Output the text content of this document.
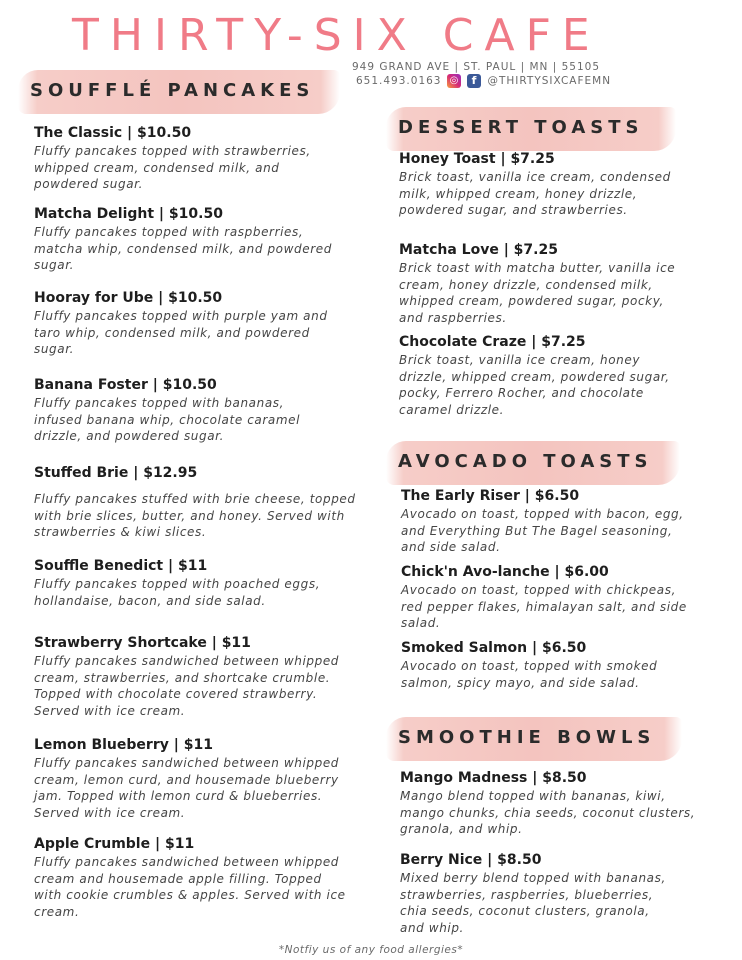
THIRTY-SIX CAFE
949 GRAND AVE | ST. PAUL | MN | 55105
651.493.0163 ◎	f @THIRTYSIXCAFEMN
SOUFFLÉ PANCAKES
DESSERT TOASTS
AVOCADO TOASTS
SMOOTHIE BOWLS
The Classic | $10.50
Fluffy pancakes topped with strawberries, whipped cream, condensed milk, and powdered sugar.
Matcha Delight | $10.50
Fluffy pancakes topped with raspberries, matcha whip, condensed milk, and powdered sugar.
Hooray for Ube | $10.50
Fluffy pancakes topped with purple yam and taro whip, condensed milk, and powdered sugar.
Banana Foster | $10.50
Fluffy pancakes topped with bananas, infused banana whip, chocolate caramel drizzle, and powdered sugar.
Stuffed Brie | $12.95
Fluffy pancakes stuffed with brie cheese, topped with brie slices, butter, and honey. Served with strawberries & kiwi slices.
Souffle Benedict | $11
Fluffy pancakes topped with poached eggs, hollandaise, bacon, and side salad.
Strawberry Shortcake | $11
Fluffy pancakes sandwiched between whipped cream, strawberries, and shortcake crumble. Topped with chocolate covered strawberry. Served with ice cream.
Lemon Blueberry | $11
Fluffy pancakes sandwiched between whipped cream, lemon curd, and housemade blueberry jam. Topped with lemon curd & blueberries. Served with ice cream.
Apple Crumble | $11
Fluffy pancakes sandwiched between whipped cream and housemade apple filling. Topped with cookie crumbles & apples. Served with ice cream.
Honey Toast | $7.25
Brick toast, vanilla ice cream, condensed milk, whipped cream, honey drizzle, powdered sugar, and strawberries.
Matcha Love | $7.25
Brick toast with matcha butter, vanilla ice cream, honey drizzle, condensed milk, whipped cream, powdered sugar, pocky, and raspberries.
Chocolate Craze | $7.25
Brick toast, vanilla ice cream, honey drizzle, whipped cream, powdered sugar, pocky, Ferrero Rocher, and chocolate caramel drizzle.
The Early Riser | $6.50
Avocado on toast, topped with bacon, egg, and Everything But The Bagel seasoning, and side salad.
Chick'n Avo-lanche | $6.00
Avocado on toast, topped with chickpeas, red pepper flakes, himalayan salt, and side salad.
Smoked Salmon | $6.50
Avocado on toast, topped with smoked salmon, spicy mayo, and side salad.
Mango Madness | $8.50
Mango blend topped with bananas, kiwi, mango chunks, chia seeds, coconut clusters, granola, and whip.
Berry Nice | $8.50
Mixed berry blend topped with bananas, strawberries, raspberries, blueberries, chia seeds, coconut clusters, granola, and whip.
*Notfiy us of any food allergies*
